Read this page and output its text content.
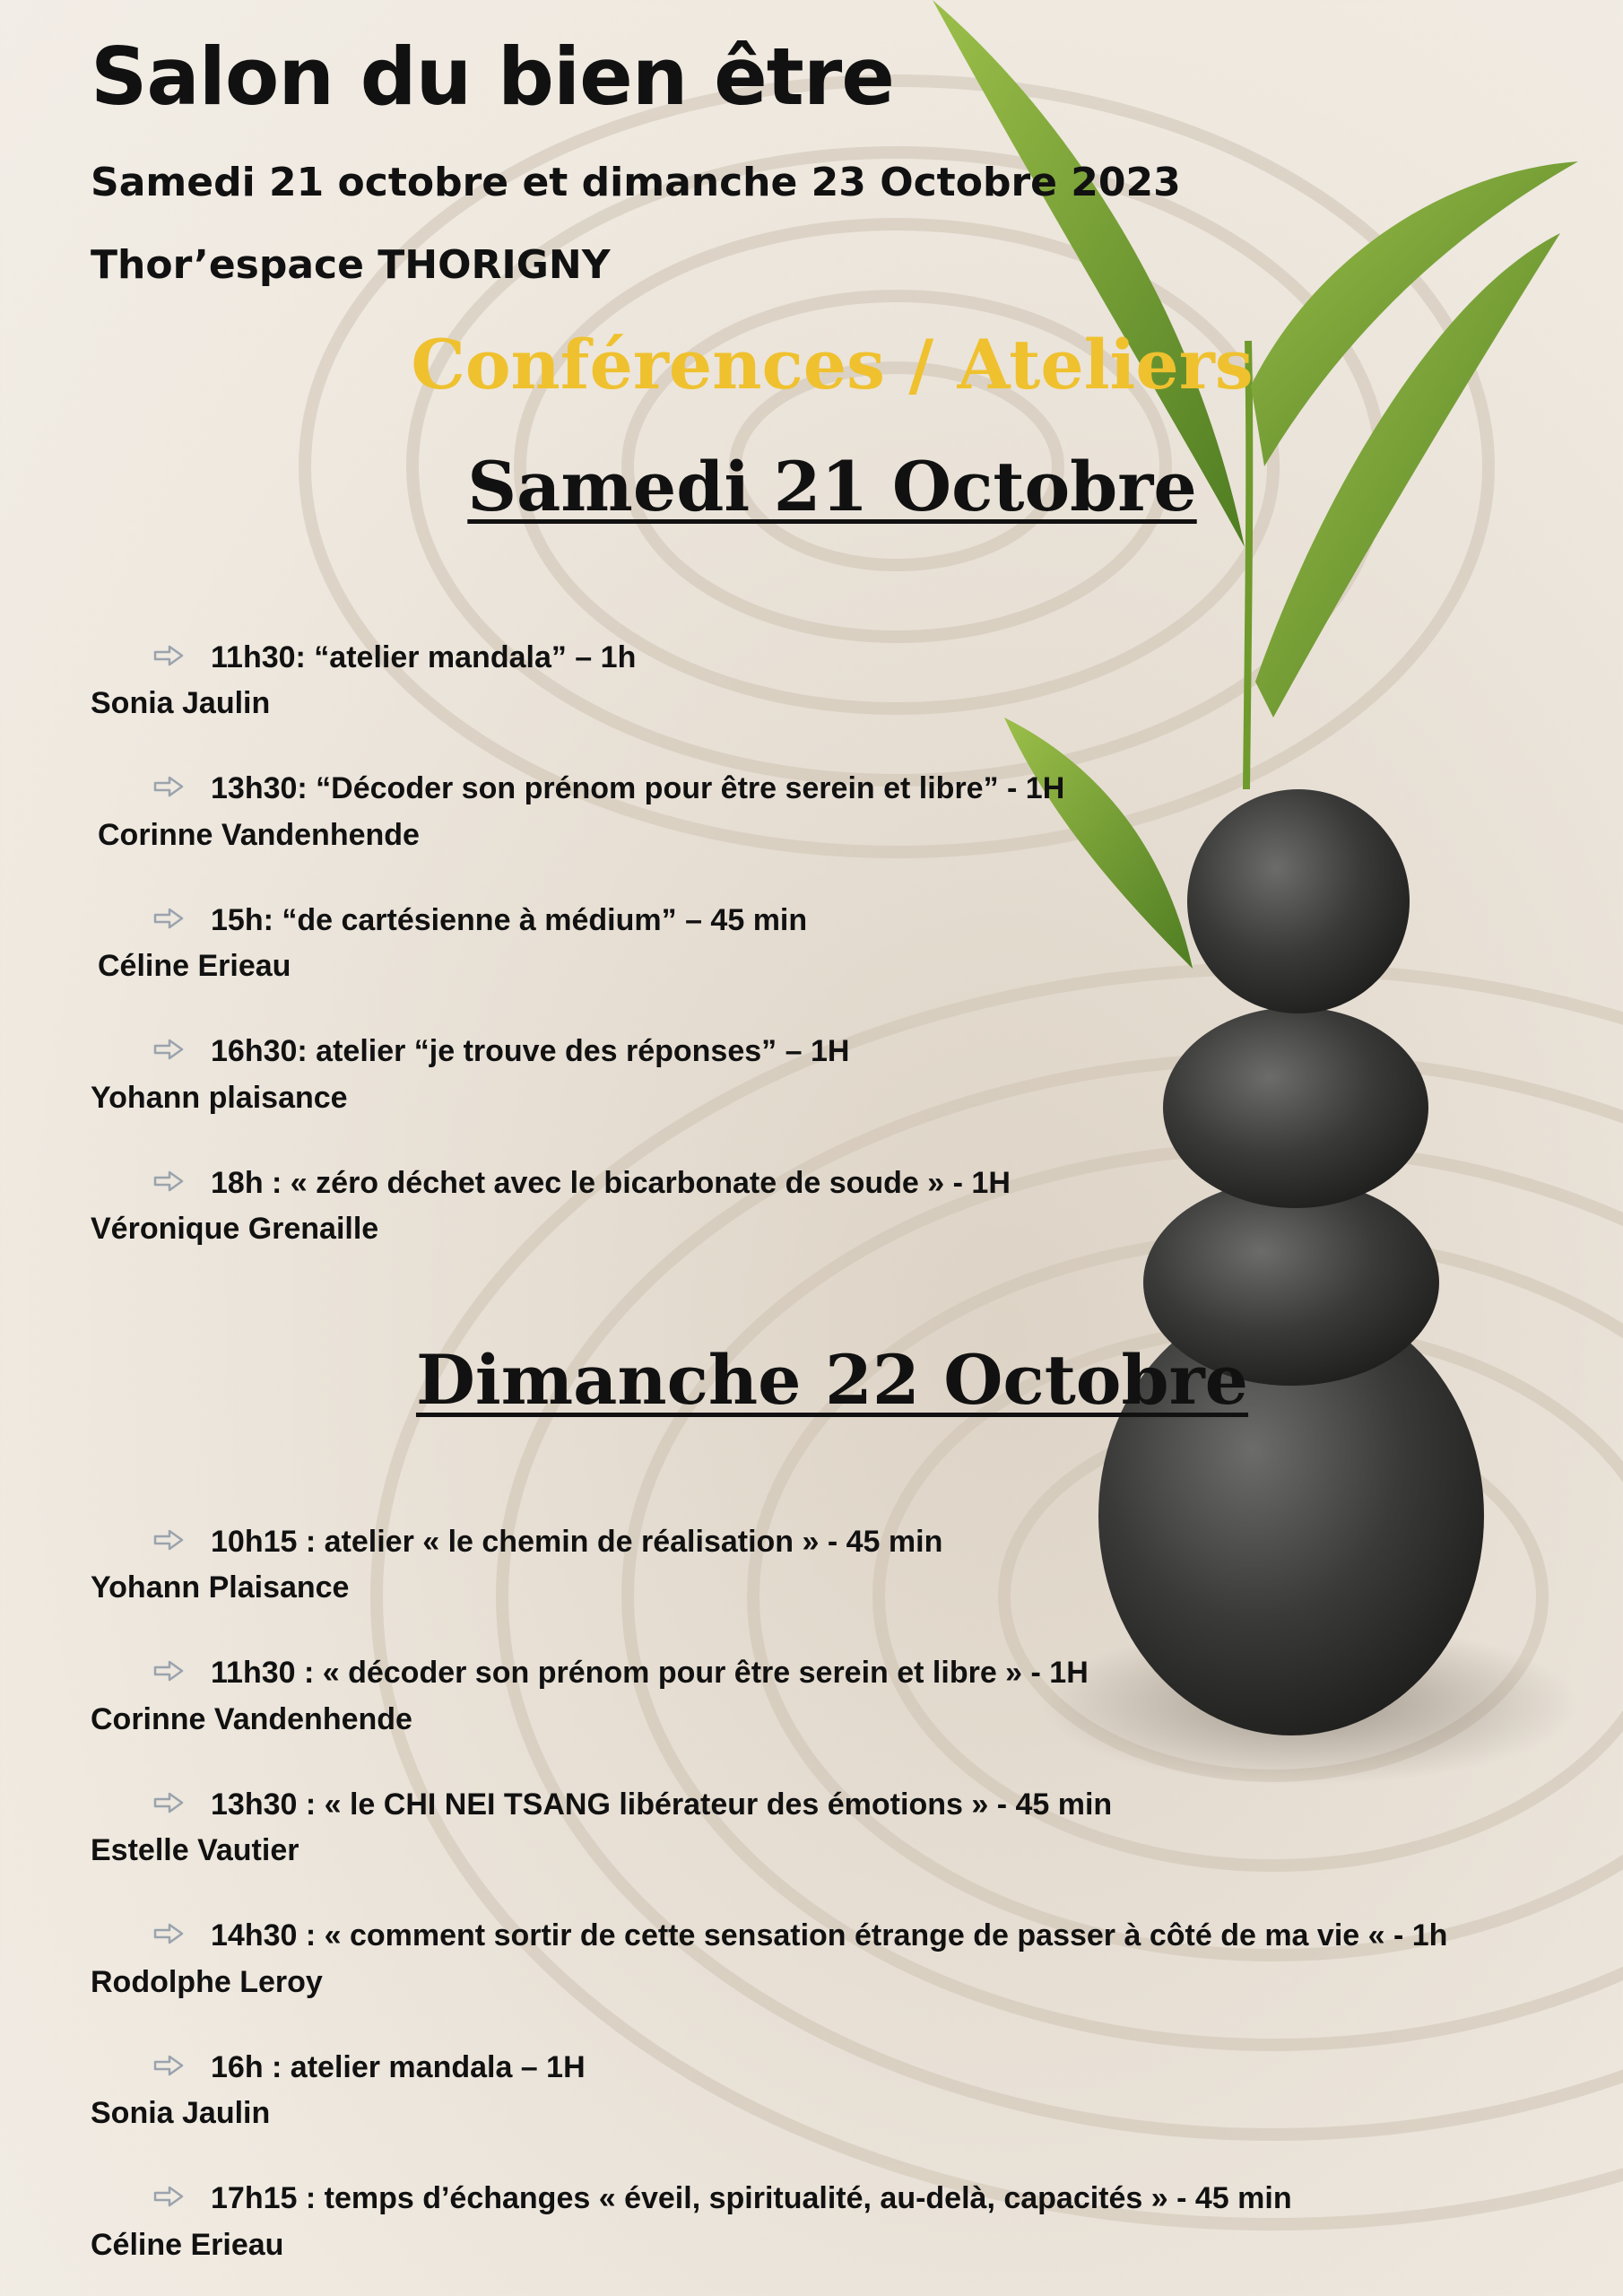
Salon du bien être

Samedi 21 octobre et dimanche 23 Octobre 2023

Thor’espace THORIGNY

Conférences / Ateliers
Samedi 21 Octobre
Dimanche 22 Octobre
11h30: “atelier mandala” – 1h
Sonia Jaulin
13h30: “Décoder son prénom pour être serein et libre” - 1H
Corinne Vandenhende
15h: “de cartésienne à médium” – 45 min
Céline Erieau
16h30: atelier “je trouve des réponses” – 1H
Yohann plaisance
18h : « zéro déchet avec le bicarbonate de soude » - 1H
Véronique Grenaille
10h15 : atelier « le chemin de réalisation » - 45 min
Yohann Plaisance
11h30 : « décoder son prénom pour être serein et libre » - 1H
Corinne Vandenhende
13h30 : « le CHI NEI TSANG libérateur des émotions » - 45 min
Estelle Vautier
14h30 : « comment sortir de cette sensation étrange de passer à côté de ma vie « - 1h
Rodolphe Leroy
16h : atelier mandala – 1H
Sonia Jaulin
17h15 : temps d’échanges « éveil, spiritualité, au-delà, capacités » - 45 min
Céline Erieau
